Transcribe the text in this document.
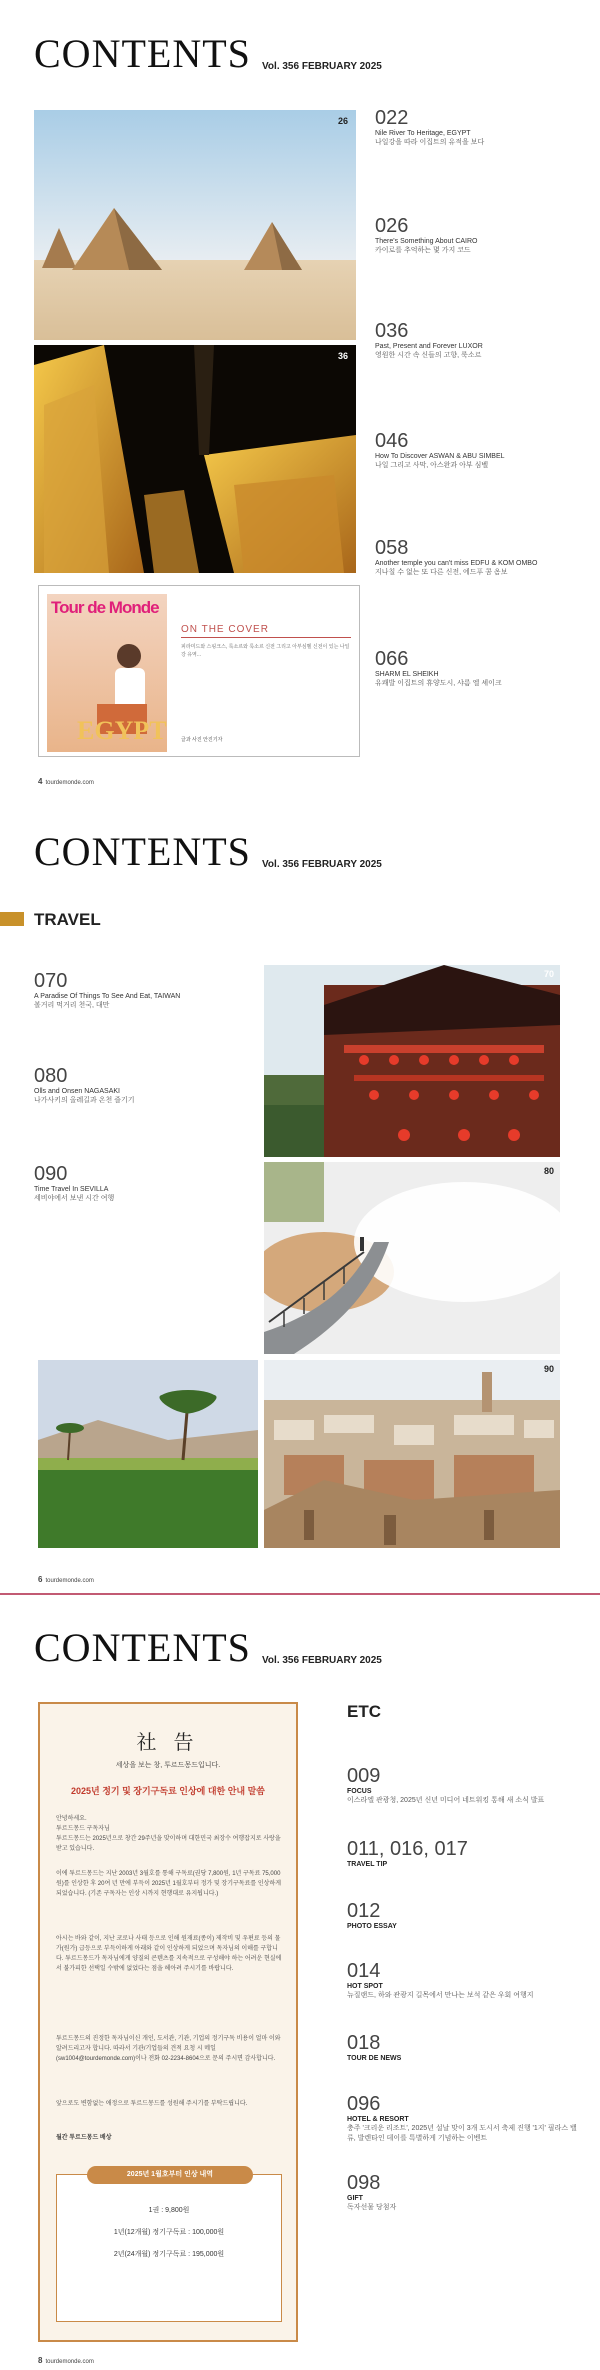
CONTENTS Vol. 356 FEBRUARY 2025
26
36
Tour de Monde
EGYPT
ON THE COVER
피라미드와 스핑크스, 룩소르와 룩소르 신전 그리고 아부심벨 신전이 있는 나일강 유역...
글과 사진 안진기자
022
Nile River To Heritage, EGYPT
나일강을 따라 이집트의 유적을 보다
026
There's Something About CAIRO
카이로를 추억하는 몇 가지 코드
036
Past, Present and Forever LUXOR
영원한 시간 속 신들의 고향, 룩소르
046
How To Discover ASWAN & ABU SIMBEL
나일 그리고 사막, 아스완과 아부 심벨
058
Another temple you can't miss EDFU & KOM OMBO
지나칠 수 없는 또 다른 신전, 에드푸 콤 옴보
066
SHARM EL SHEIKH
유쾌발 이집트의 휴양도시, 샤름 엘 셰이크
4 tourdemonde.com
CONTENTS Vol. 356 FEBRUARY 2025
TRAVEL
070
A Paradise Of Things To See And Eat, TAIWAN
볼거리 먹거리 천국, 대만
080
Olls and Onsen NAGASAKI
나가사키의 올레길과 온천 즐기기
090
Time Travel In SEVILLA
세비야에서 보낸 시간 여행
70
80
90
6 tourdemonde.com
CONTENTS Vol. 356 FEBRUARY 2025
社 告
세상을 보는 창, 투르드몽드입니다.
2025년 정기 및 장기구독료 인상에 대한 안내 말씀
안녕하세요.
투르드몽드 구독자님
투르드몽드는 2025년으로 창간 29주년을 맞이하며 대한민국 최장수 여행잡지로 사랑을 받고 있습니다.
이에 투르드몽드는 지난 2003년 3월호를 통해 구독료(권당 7,800원, 1년 구독료 75,000원)를 인상한 후 20여 년 만에 부득이 2025년 1월호부터 정가 및 장기구독료를 인상하게 되었습니다. (기존 구독자는 인상 시까지 현행대로 유지됩니다.)
아시는 바와 같이, 지난 코로나 사태 등으로 인해 원재료(종이) 제작비 및 우편료 등의 물가(원가) 급등으로 부득이하게 아래와 같이 인상하게 되었으며 독자님의 이해를 구합니다. 투르드몽드가 독자님에게 양질의 콘텐츠를 지속적으로 구성해야 하는 어려운 현실에서 불가피한 선택일 수밖에 없었다는 점을 헤아려 주시기를 바랍니다.
투르드몽드의 진정한 독자님이신 개인, 도서관, 기관, 기업의 정기구독 비용이 얼마 이와 알려드리고자 합니다. 따라서 기관/기업들의 견적 요청 시 메일(sw1004@tourdemonde.com)이나 전화 02-2234-8604으로 문의 주시면 감사합니다.
앞으로도 변함없는 애정으로 투르드몽드를 성원해 주시기를 부탁드립니다.
월간 투르드몽드 배상
2025년 1월호부터 인상 내역
1권 : 9,800원
1년(12개월) 정기구독료 : 100,000원
2년(24개월) 정기구독료 : 195,000원
ETC
009
FOCUS
이스라엘 관광청, 2025년 신년 미디어 네트워킹 통해 새 소식 발표
011, 016, 017
TRAVEL TIP
012
PHOTO ESSAY
014
HOT SPOT
뉴질랜드, 하와 관광지 길목에서 만나는 보석 같은 우회 여행지
018
TOUR DE NEWS
096
HOTEL & RESORT
충주 '크리운 리조트', 2025년 설날 맞이 3개 도시서 축제 진행 '1지' 필라스 밸류, 발렌타인 데이를 특별하게 기념하는 이벤트
098
GIFT
독자선물 당첨자
8 tourdemonde.com
